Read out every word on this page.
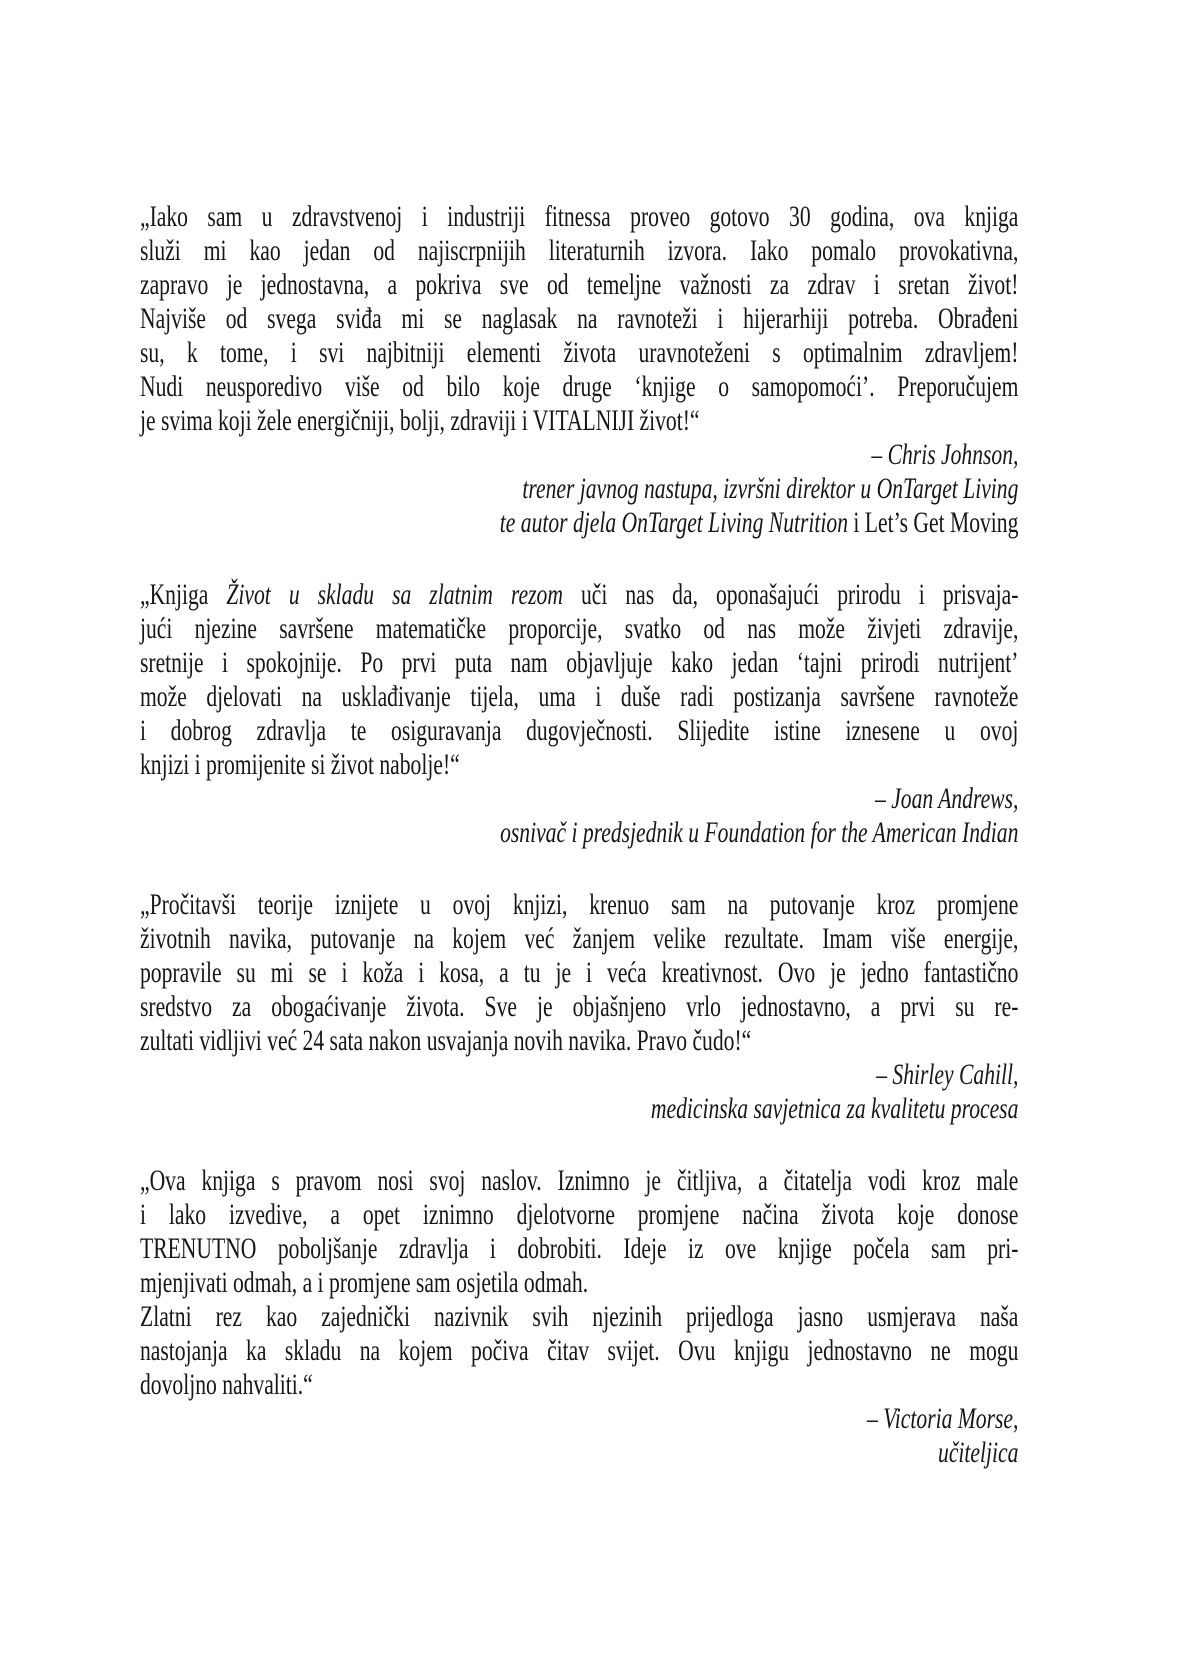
„Iako sam u zdravstvenoj i industriji fitnessa proveo gotovo 30 godina, ova knjiga
služi mi kao jedan od najiscrpnijih literaturnih izvora. Iako pomalo provokativna,
zapravo je jednostavna, a pokriva sve od temeljne važnosti za zdrav i sretan život!
Najviše od svega sviđa mi se naglasak na ravnoteži i hijerarhiji potreba. Obrađeni
su, k tome, i svi najbitniji elementi života uravnoteženi s optimalnim zdravljem!
Nudi neusporedivo više od bilo koje druge ‘knjige o samopomoći’. Preporučujem
je svima koji žele energičniji, bolji, zdraviji i VITALNIJI život!“
– Chris Johnson,
trener javnog nastupa, izvršni direktor u OnTarget Living
te autor djela OnTarget Living Nutrition i Let’s Get Moving
„Knjiga Život u skladu sa zlatnim rezom uči nas da, oponašajući prirodu i prisvaja-
jući njezine savršene matematičke proporcije, svatko od nas može živjeti zdravije,
sretnije i spokojnije. Po prvi puta nam objavljuje kako jedan ‘tajni prirodi nutrijent’
može djelovati na usklađivanje tijela, uma i duše radi postizanja savršene ravnoteže
i dobrog zdravlja te osiguravanja dugovječnosti. Slijedite istine iznesene u ovoj
knjizi i promijenite si život nabolje!“
– Joan Andrews,
osnivač i predsjednik u Foundation for the American Indian
„Pročitavši teorije iznijete u ovoj knjizi, krenuo sam na putovanje kroz promjene
životnih navika, putovanje na kojem već žanjem velike rezultate. Imam više energije,
popravile su mi se i koža i kosa, a tu je i veća kreativnost. Ovo je jedno fantastično
sredstvo za obogaćivanje života. Sve je objašnjeno vrlo jednostavno, a prvi su re-
zultati vidljivi već 24 sata nakon usvajanja novih navika. Pravo čudo!“
– Shirley Cahill,
medicinska savjetnica za kvalitetu procesa
„Ova knjiga s pravom nosi svoj naslov. Iznimno je čitljiva, a čitatelja vodi kroz male
i lako izvedive, a opet iznimno djelotvorne promjene načina života koje donose
TRENUTNO poboljšanje zdravlja i dobrobiti. Ideje iz ove knjige počela sam pri-
mjenjivati odmah, a i promjene sam osjetila odmah.
Zlatni rez kao zajednički nazivnik svih njezinih prijedloga jasno usmjerava naša
nastojanja ka skladu na kojem počiva čitav svijet. Ovu knjigu jednostavno ne mogu
dovoljno nahvaliti.“
– Victoria Morse,
učiteljica
